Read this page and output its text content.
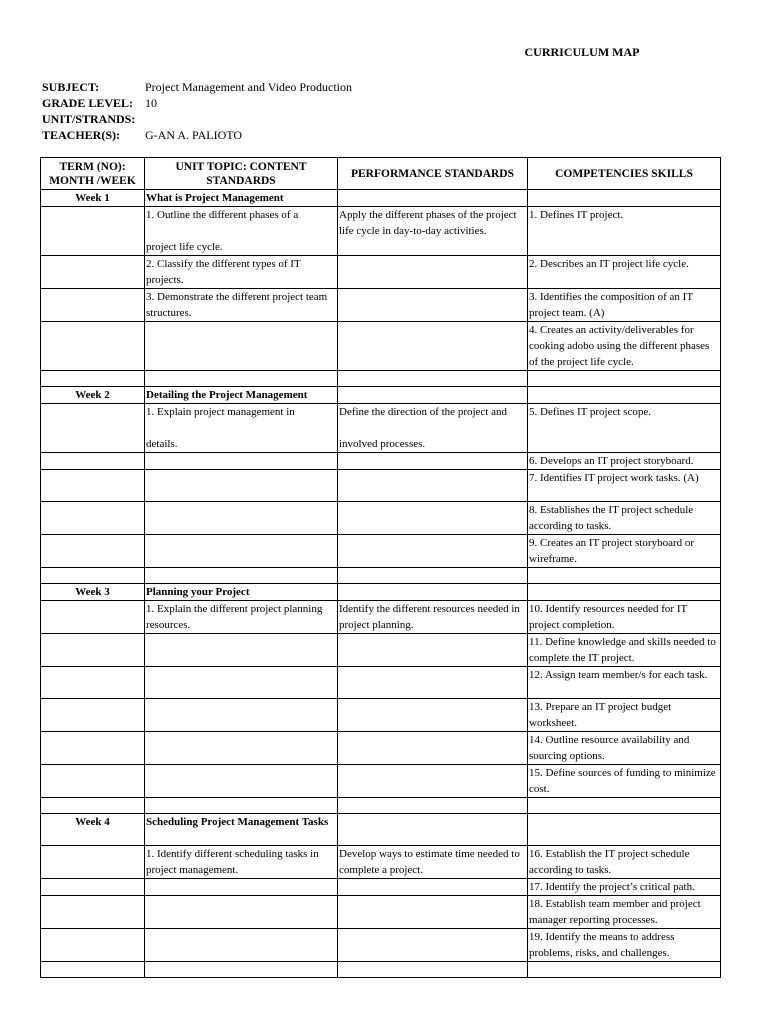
CURRICULUM MAP
SUBJECT:	Project Management and Video Production
GRADE LEVEL: 10
UNIT/STRANDS:
TEACHER(S): G-AN A. PALIOTO
TERM (NO): MONTH /WEEK	UNIT TOPIC: CONTENT STANDARDS	PERFORMANCE STANDARDS	COMPETENCIES SKILLS
Week 1	What is Project Management		
	1. Outline the different phases of a

project life cycle.	Apply the different phases of the project life cycle in day-to-day activities.	1. Defines IT project.
	2. Classify the different types of IT projects.		2. Describes an IT project life cycle.
	3. Demonstrate the different project team structures.		3. Identifies the composition of an IT project team. (A)
			4. Creates an activity/deliverables for cooking adobo using the different phases of the project life cycle.

Week 2	Detailing the Project Management		
	1. Explain project management in

details.	Define the direction of the project and

involved processes.	5. Defines IT project scope.
			6. Develops an IT project storyboard.
			7. Identifies IT project work tasks. (A)
			8. Establishes the IT project schedule according to tasks.
			9. Creates an IT project storyboard or wireframe.

Week 3	Planning your Project		
	1. Explain the different project planning resources.	Identify the different resources needed in project planning.	10. Identify resources needed for IT project completion.
			11. Define knowledge and skills needed to complete the IT project.
			12. Assign team member/s for each task.
			13. Prepare an IT project budget worksheet.
			14. Outline resource availability and sourcing options.
			15. Define sources of funding to minimize cost.

Week 4	Scheduling Project Management Tasks		
	1. Identify different scheduling tasks in project management.	Develop ways to estimate time needed to complete a project.	16. Establish the IT project schedule according to tasks.
			17. Identify the project’s critical path.
			18. Establish team member and project manager reporting processes.
			19. Identify the means to address problems, risks, and challenges.
